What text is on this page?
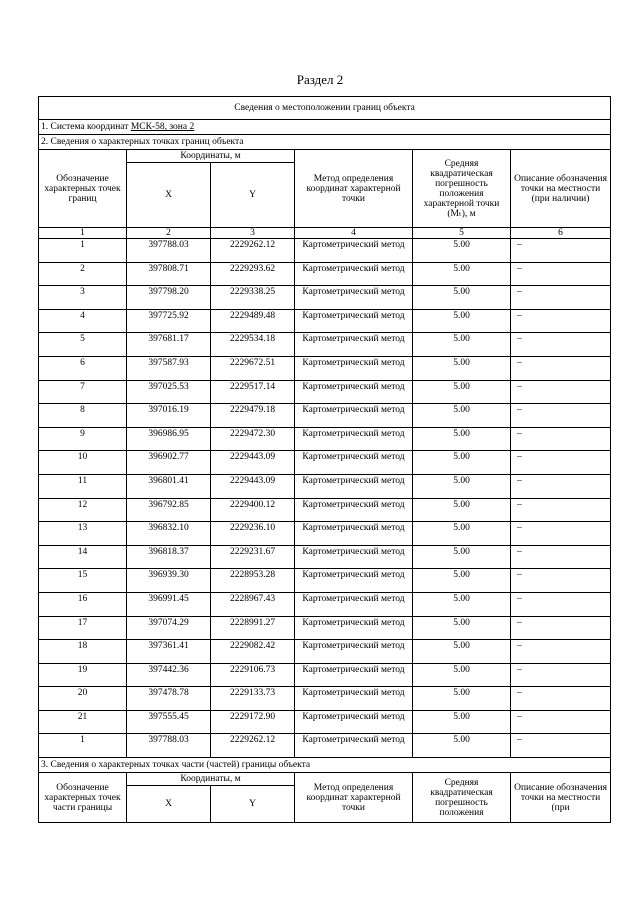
Раздел 2
Сведения о местоположении границ объекта					
1. Система координат МСК-58, зона 2					
2. Сведения о характерных точках границ объекта					
Обозначение характерных точек границ	Координаты, м		Метод определения координат характерной точки	Средняя квадратическая погрешность положения характерной точки (Mₜ), м	Описание обозначения точки на местности (при наличии)
	X	Y			
1	2	3	4	5	6
1	397788.03	2229262.12	Картометрический метод	5.00	–
2	397808.71	2229293.62	Картометрический метод	5.00	–
3	397798.20	2229338.25	Картометрический метод	5.00	–
4	397725.92	2229489.48	Картометрический метод	5.00	–
5	397681.17	2229534.18	Картометрический метод	5.00	–
6	397587.93	2229672.51	Картометрический метод	5.00	–
7	397025.53	2229517.14	Картометрический метод	5.00	–
8	397016.19	2229479.18	Картометрический метод	5.00	–
9	396986.95	2229472.30	Картометрический метод	5.00	–
10	396902.77	2229443.09	Картометрический метод	5.00	–
11	396801.41	2229443.09	Картометрический метод	5.00	–
12	396792.85	2229400.12	Картометрический метод	5.00	–
13	396832.10	2229236.10	Картометрический метод	5.00	–
14	396818.37	2229231.67	Картометрический метод	5.00	–
15	396939.30	2228953.28	Картометрический метод	5.00	–
16	396991.45	2228967.43	Картометрический метод	5.00	–
17	397074.29	2228991.27	Картометрический метод	5.00	–
18	397361.41	2229082.42	Картометрический метод	5.00	–
19	397442.36	2229106.73	Картометрический метод	5.00	–
20	397478.78	2229133.73	Картометрический метод	5.00	–
21	397555.45	2229172.90	Картометрический метод	5.00	–
1	397788.03	2229262.12	Картометрический метод	5.00	–
3. Сведения о характерных точках части (частей) границы объекта					
Обозначение характерных точек части границы	Координаты, м		Метод определения координат характерной точки	Средняя квадратическая погрешность положения	Описание обозначения точки на местности (при
	X	Y			
